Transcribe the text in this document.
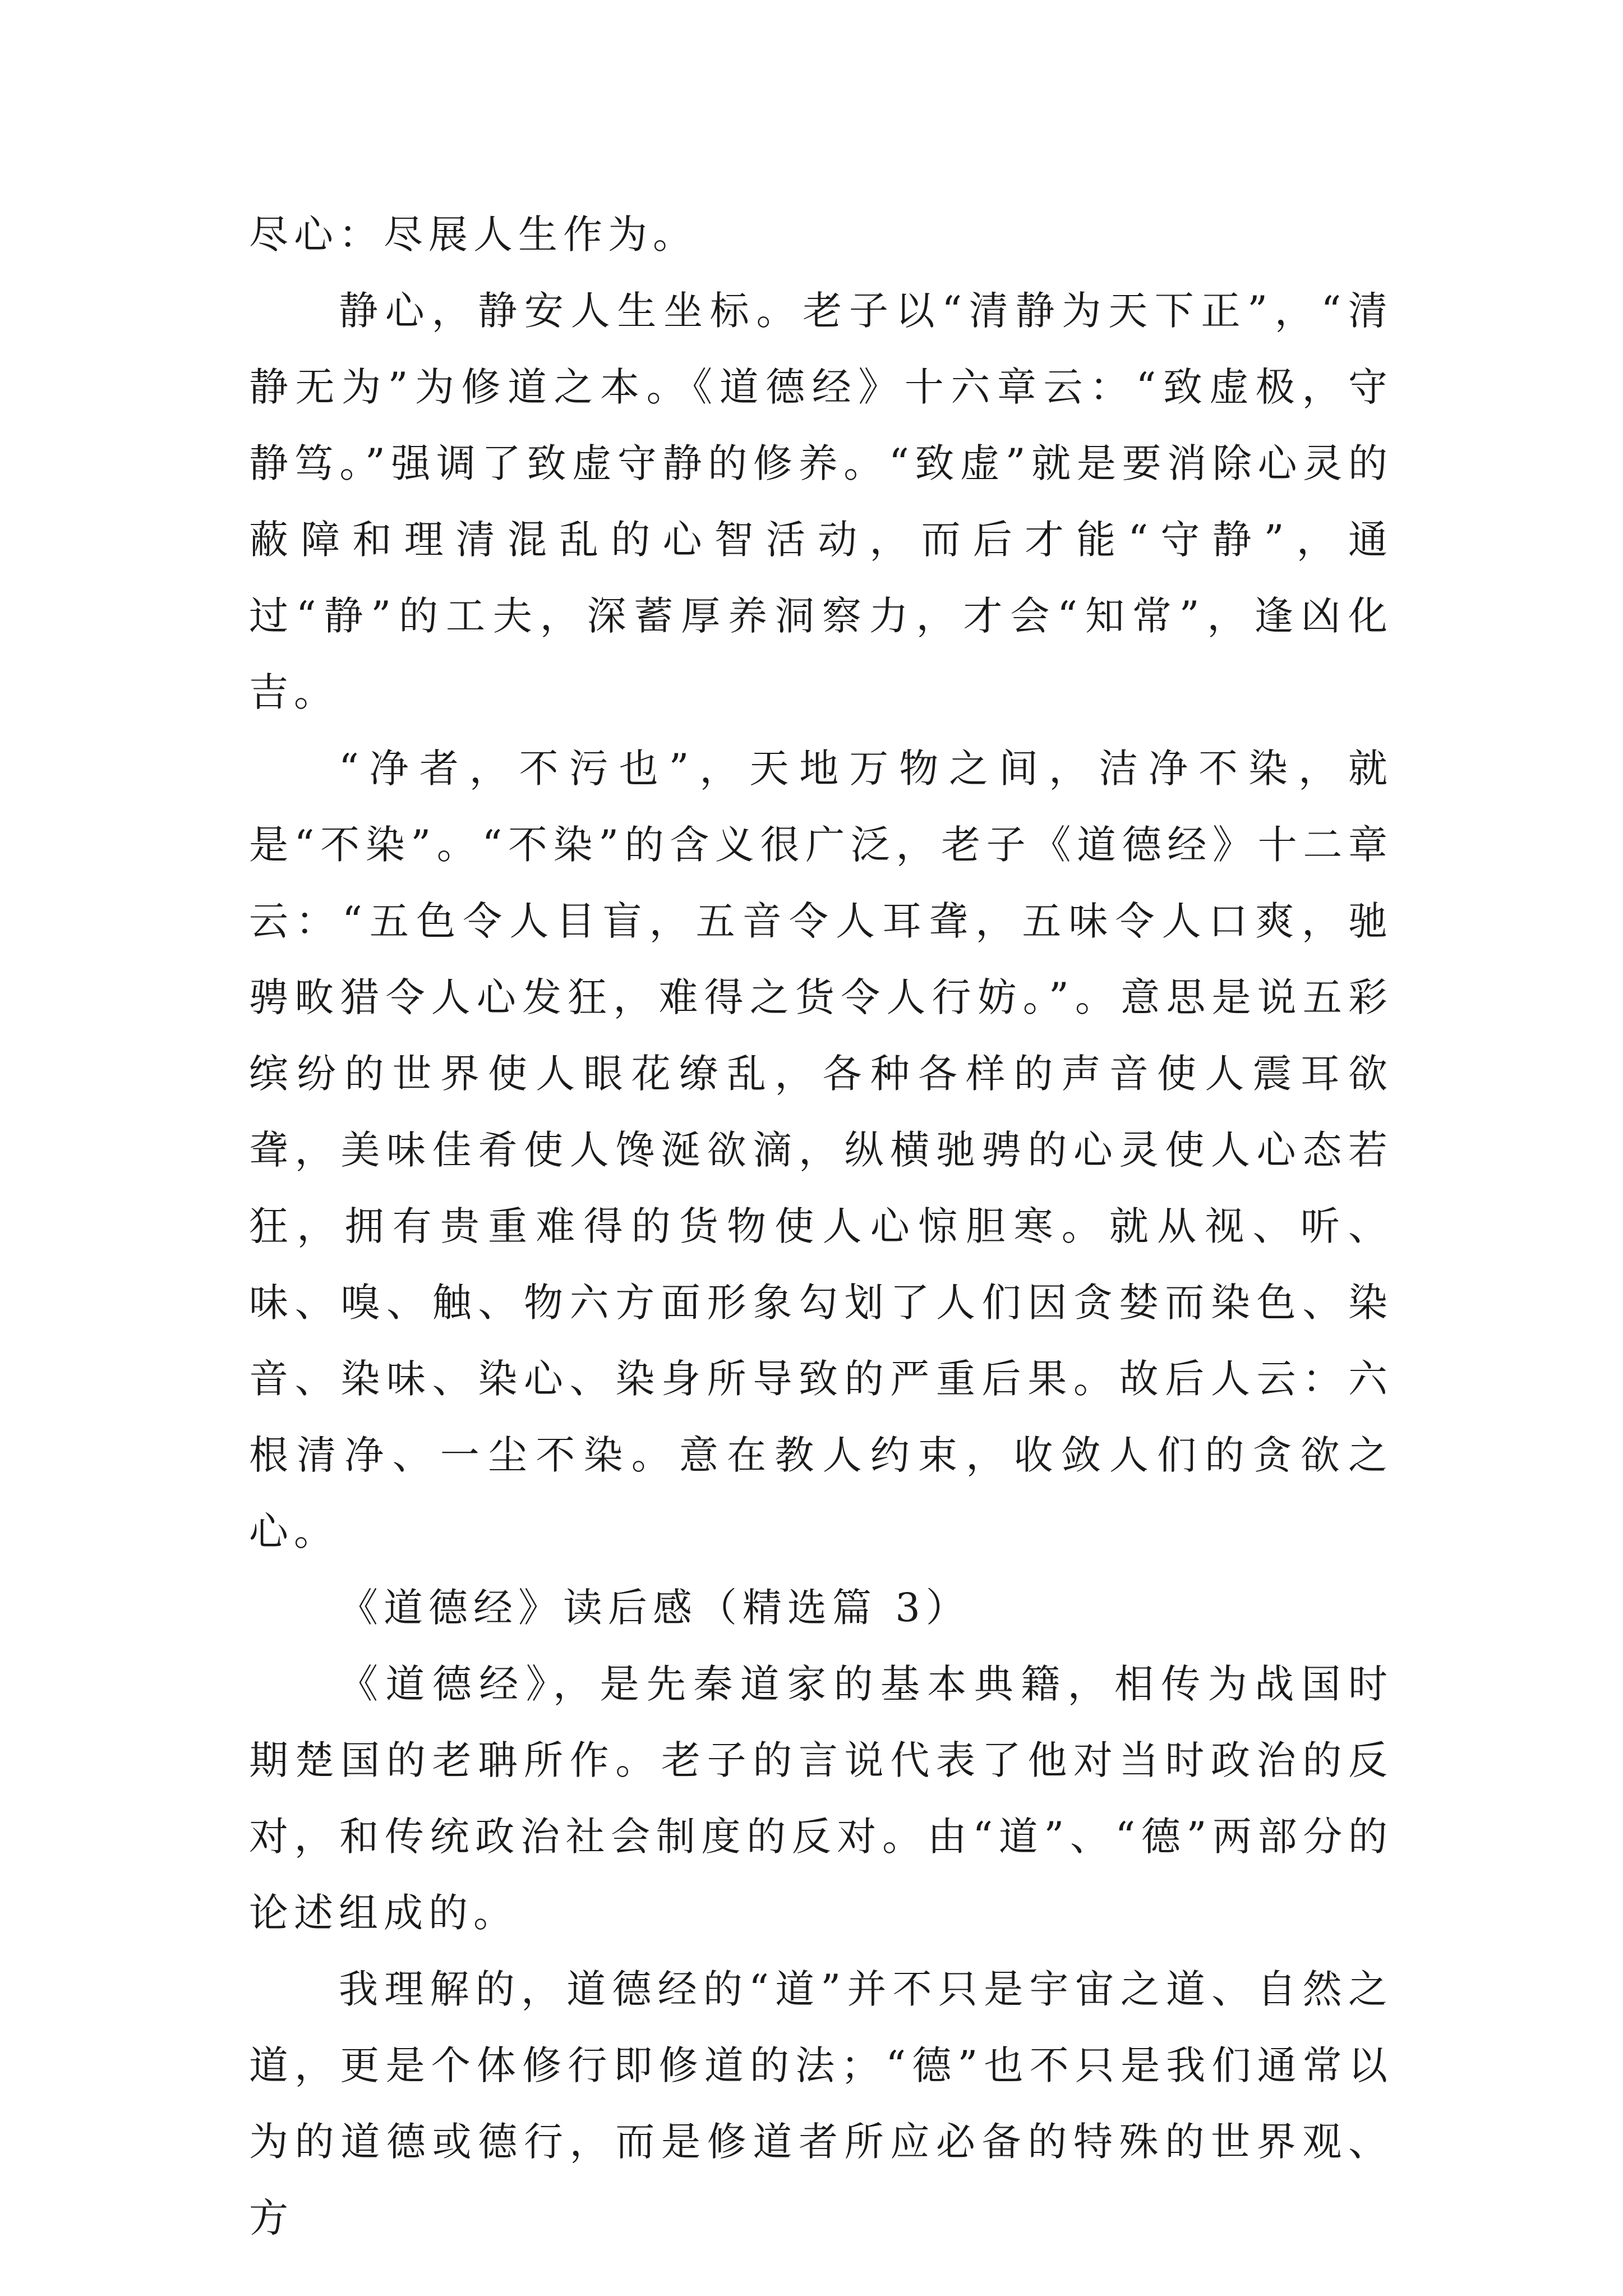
尽心：尽展人生作为。

静心，静安人生坐标。老子以“清静为天下正”，“清静无为”为修道之本。《道德经》十六章云：“致虚极，守静笃。”强调了致虚守静的修养。“致虚”就是要消除心灵的蔽障和理清混乱的心智活动，而后才能“守静”，通过“静”的工夫，深蓄厚养洞察力，才会“知常”，逢凶化吉。

“净者，不污也”，天地万物之间，洁净不染，就是“不染”。“不染”的含义很广泛，老子《道德经》十二章云：“五色令人目盲，五音令人耳聋，五味令人口爽，驰骋畋猎令人心发狂，难得之货令人行妨。”。意思是说五彩缤纷的世界使人眼花缭乱，各种各样的声音使人震耳欲聋，美味佳肴使人馋涎欲滴，纵横驰骋的心灵使人心态若狂，拥有贵重难得的货物使人心惊胆寒。就从视、听、味、嗅、触、物六方面形象勾划了人们因贪婪而染色、染音、染味、染心、染身所导致的严重后果。故后人云：六根清净、一尘不染。意在教人约束，收敛人们的贪欲之心。

《道德经》读后感（精选篇 3）

《道德经》，是先秦道家的基本典籍，相传为战国时期楚国的老聃所作。老子的言说代表了他对当时政治的反对，和传统政治社会制度的反对。由“道”、“德”两部分的论述组成的。

我理解的，道德经的“道”并不只是宇宙之道、自然之道，更是个体修行即修道的法；“德”也不只是我们通常以为的道德或德行，而是修道者所应必备的特殊的世界观、方
